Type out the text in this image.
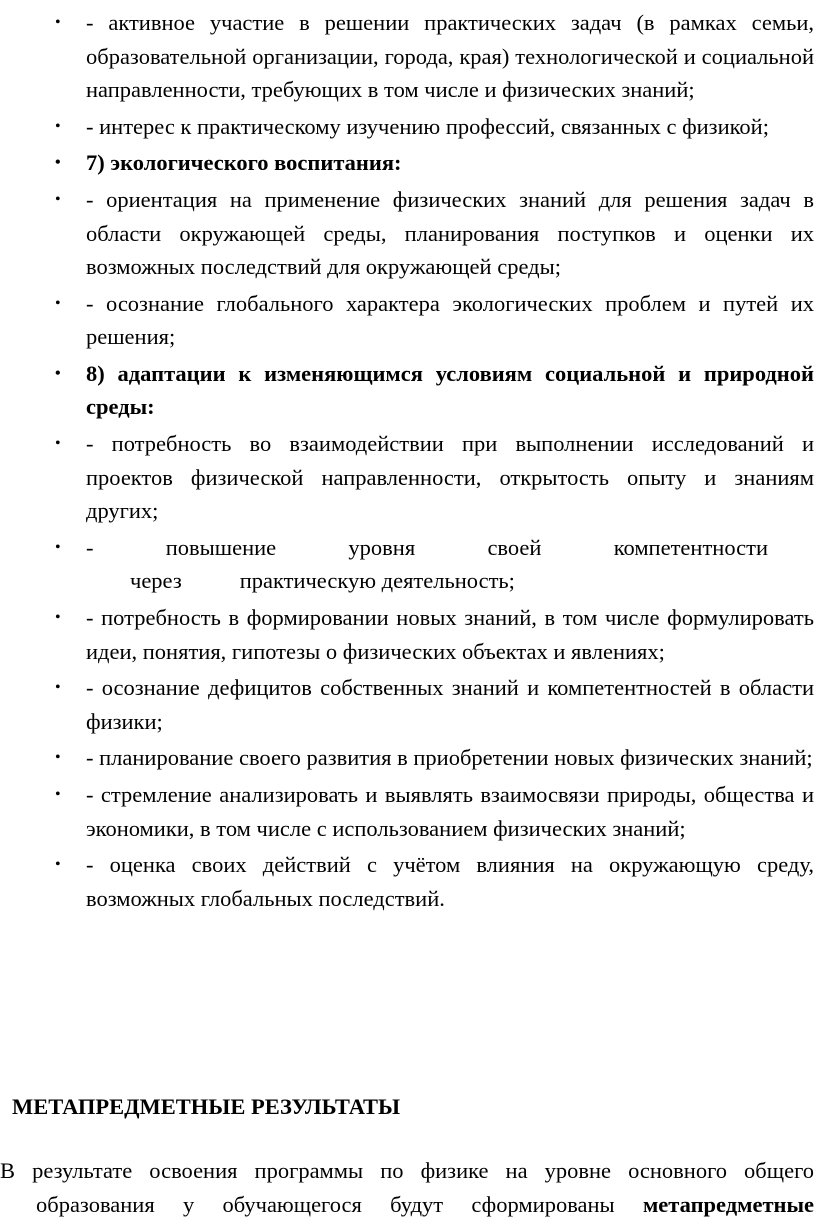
• - активное участие в решении практических задач (в рамках семьи, образовательной организации, города, края) технологической и социальной направленности, требующих в том числе и физических знаний;
• - интерес к практическому изучению профессий, связанных с физикой;
• 7) экологического воспитания:
• - ориентация на применение физических знаний для решения задач в области окружающей среды, планирования поступков и оценки их возможных последствий для окружающей среды;
• - осознание глобального характера экологических проблем и путей их решения;
• 8) адаптации к изменяющимся условиям социальной и природной среды:
• - потребность во взаимодействии при выполнении исследований и проектов физической направленности, открытость опыту и знаниям других;
• -	повышение	уровня	своей	компетентности
через	практическую деятельность;
• - потребность в формировании новых знаний, в том числе формулировать идеи, понятия, гипотезы о физических объектах и явлениях;
• - осознание дефицитов собственных знаний и компетентностей в области физики;
• - планирование своего развития в приобретении новых физических знаний;
• - стремление анализировать и выявлять взаимосвязи природы, общества и экономики, в том числе с использованием физических знаний;
• - оценка своих действий с учётом влияния на окружающую среду, возможных глобальных последствий.
МЕТАПРЕДМЕТНЫЕ РЕЗУЛЬТАТЫ

В результате освоения программы по физике на уровне основного общего
образования у обучающегося будут сформированы метапредметные
